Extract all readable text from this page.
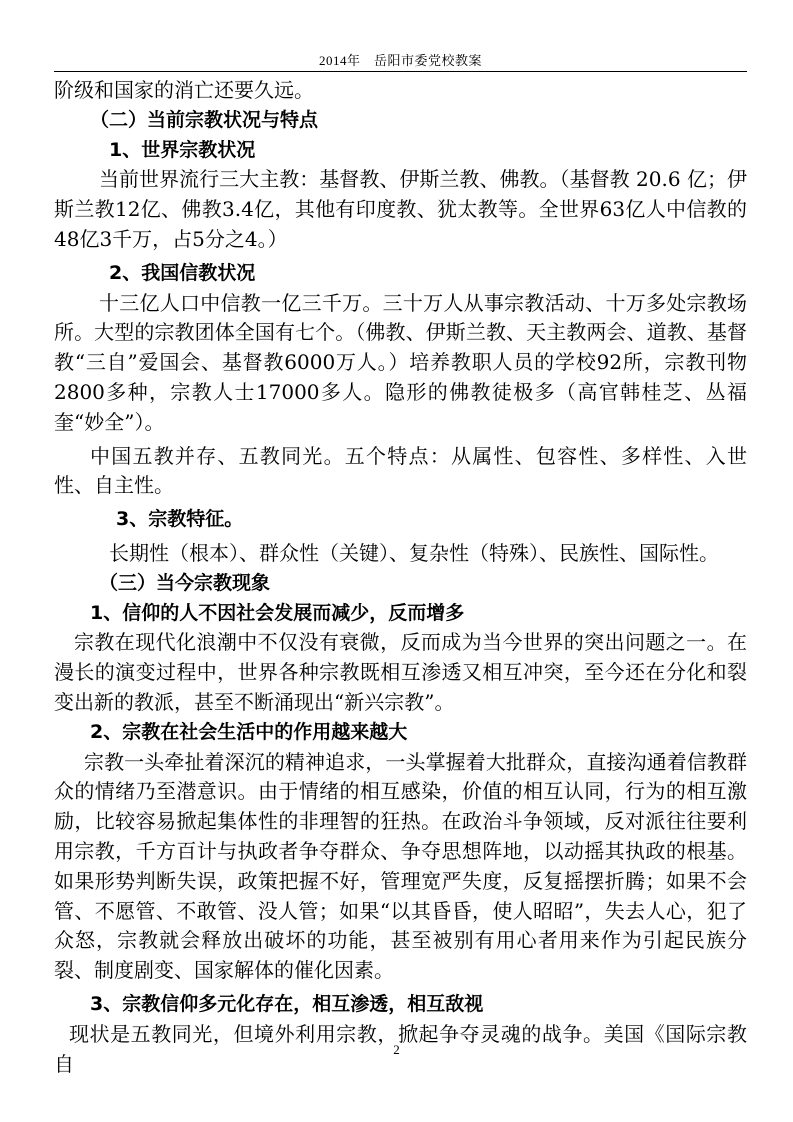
2014年　岳阳市委党校教案

阶级和国家的消亡还要久远。

（二）当前宗教状况与特点

1、世界宗教状况

当前世界流行三大主教：基督教、伊斯兰教、佛教。（基督教 20.6 亿；伊斯兰教12亿、佛教3.4亿，其他有印度教、犹太教等。全世界63亿人中信教的48亿3千万，占5分之4。）

2、我国信教状况

十三亿人口中信教一亿三千万。三十万人从事宗教活动、十万多处宗教场所。大型的宗教团体全国有七个。（佛教、伊斯兰教、天主教两会、道教、基督教“三自”爱国会、基督教6000万人。）培养教职人员的学校92所，宗教刊物2800多种，宗教人士17000多人。隐形的佛教徒极多（高官韩桂芝、丛福奎“妙全”）。

中国五教并存、五教同光。五个特点：从属性、包容性、多样性、入世性、自主性。

3、宗教特征。

长期性（根本）、群众性（关键）、复杂性（特殊）、民族性、国际性。

（三）当今宗教现象

1、信仰的人不因社会发展而减少，反而增多

宗教在现代化浪潮中不仅没有衰微，反而成为当今世界的突出问题之一。在漫长的演变过程中，世界各种宗教既相互渗透又相互冲突，至今还在分化和裂变出新的教派，甚至不断涌现出“新兴宗教”。

2、宗教在社会生活中的作用越来越大

宗教一头牵扯着深沉的精神追求，一头掌握着大批群众，直接沟通着信教群众的情绪乃至潜意识。由于情绪的相互感染，价值的相互认同，行为的相互激励，比较容易掀起集体性的非理智的狂热。在政治斗争领域，反对派往往要利用宗教，千方百计与执政者争夺群众、争夺思想阵地，以动摇其执政的根基。如果形势判断失误，政策把握不好，管理宽严失度，反复摇摆折腾；如果不会管、不愿管、不敢管、没人管；如果“以其昏昏，使人昭昭”，失去人心，犯了众怒，宗教就会释放出破坏的功能，甚至被别有用心者用来作为引起民族分裂、制度剧变、国家解体的催化因素。

3、宗教信仰多元化存在，相互渗透，相互敌视

现状是五教同光，但境外利用宗教，掀起争夺灵魂的战争。美国《国际宗教自

2
